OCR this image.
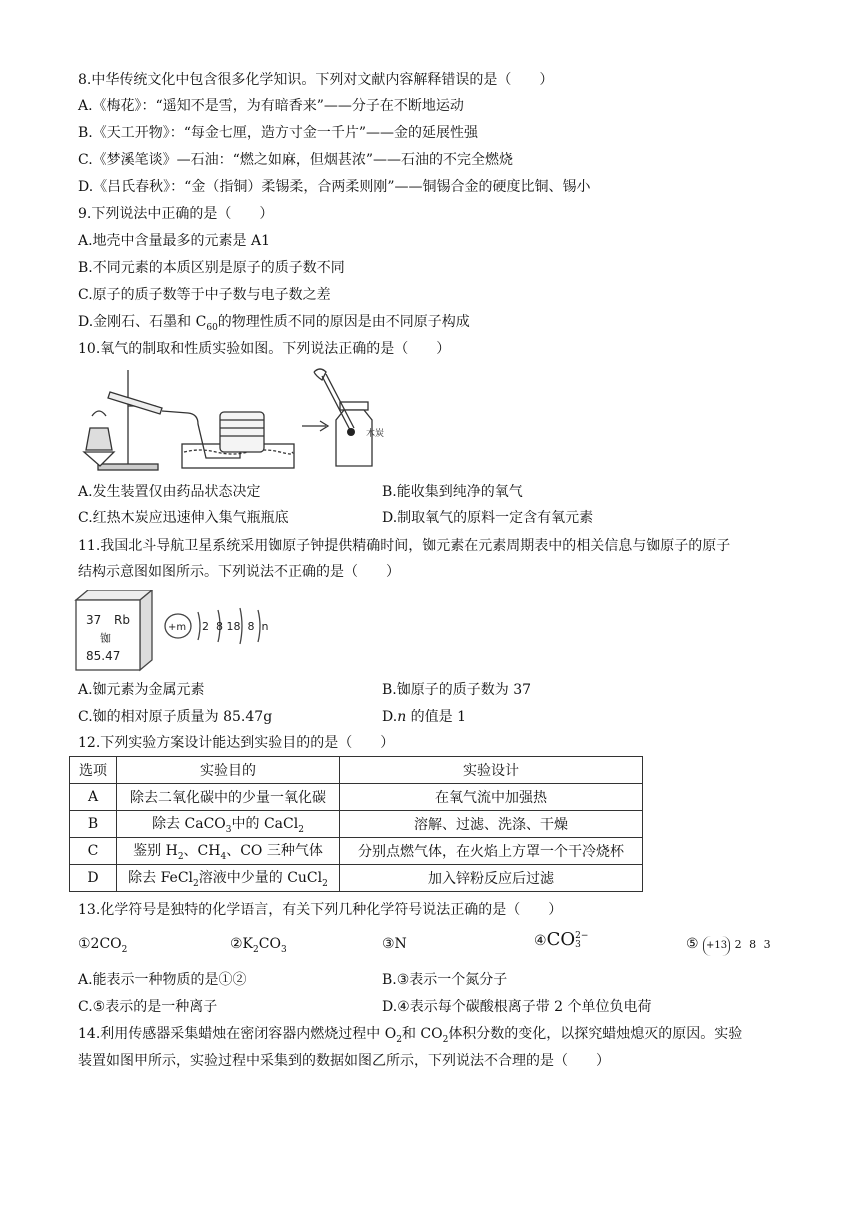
8.中华传统文化中包含很多化学知识。下列对文献内容解释错误的是（　　）
A.《梅花》：“遥知不是雪，为有暗香来”——分子在不断地运动
B.《天工开物》：“每金七厘，造方寸金一千片”——金的延展性强
C.《梦溪笔谈》—石油：“燃之如麻，但烟甚浓”——石油的不完全燃烧
D.《吕氏春秋》：“金（指铜）柔锡柔，合两柔则刚”——铜锡合金的硬度比铜、锡小
9.下列说法中正确的是（　　）
A.地壳中含量最多的元素是 A1
B.不同元素的本质区别是原子的质子数不同
C.原子的质子数等于中子数与电子数之差
D.金刚石、石墨和 $C_{60}$的物理性质不同的原因是由不同原子构成
10.氧气的制取和性质实验如图。下列说法正确的是（　　）
木炭
A.发生装置仅由药品状态决定	B.能收集到纯净的氧气
C.红热木炭应迅速伸入集气瓶瓶底	D.制取氧气的原料一定含有氧元素
11.我国北斗导航卫星系统采用铷原子钟提供精确时间，铷元素在元素周期表中的相关信息与铷原子的原子
结构示意图如图所示。下列说法不正确的是（　　）
37 Rb
铷
85.47
+m 2  8 18  8  n
A.铷元素为金属元素	B.铷原子的质子数为 37
C.铷的相对原子质量为 85.47g	D.n 的值是 1
12.下列实验方案设计能达到实验目的的是（　　）
选项	实验目的	实验设计
A	除去二氧化碳中的少量一氧化碳	在氧气流中加强热
B	除去 CaCO$_3$中的 CaCl$_2$	溶解、过滤、洗涤、干燥
C	鉴别 $H_2$、$CH_4$、CO 三种气体	分别点燃气体，在火焰上方罩一个干冷烧杯
D	除去 FeCl$_2$溶液中少量的 CuCl$_2$	加入锌粉反应后过滤
13.化学符号是独特的化学语言，有关下列几种化学符号说法正确的是（　　）
$①2CO_2$	$②K_2CO_3$	③N	④CO 2−
3	⑤ +13 2 8 3
A.能表示一种物质的是①②	B.③表示一个氮分子
C.⑤表示的是一种离子	D.④表示每个碳酸根离子带 2 个单位负电荷
14.利用传感器采集蜡烛在密闭容器内燃烧过程中 $O_2$和 $CO_2$体积分数的变化，以探究蜡烛熄灭的原因。实验
装置如图甲所示，实验过程中采集到的数据如图乙所示，下列说法不合理的是（　　）
